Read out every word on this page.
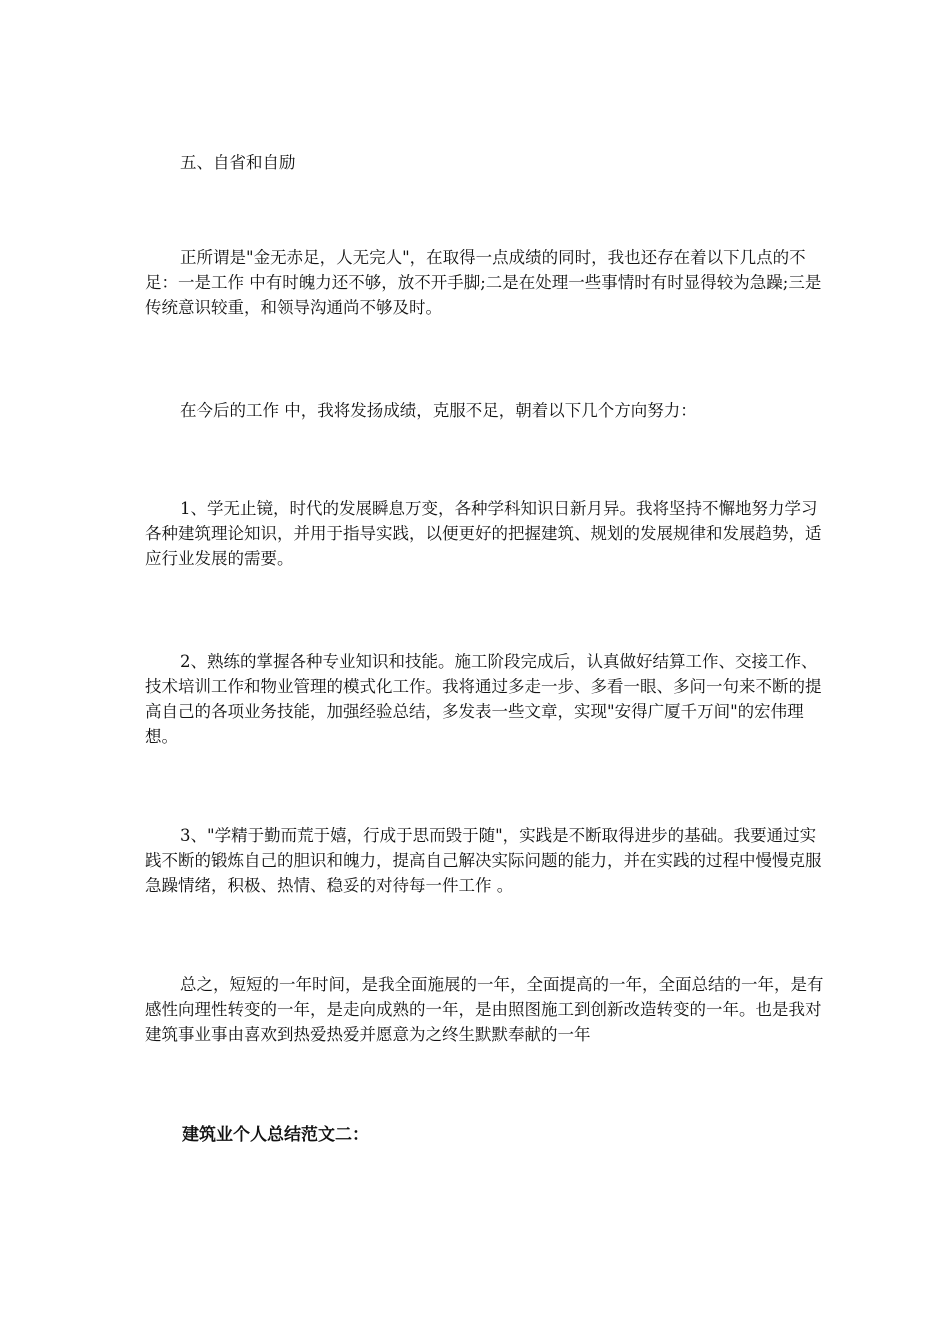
五、自省和自励

正所谓是"金无赤足，人无完人"，在取得一点成绩的同时，我也还存在着以下几点的不足：一是工作 中有时魄力还不够，放不开手脚;二是在处理一些事情时有时显得较为急躁;三是传统意识较重，和领导沟通尚不够及时。

在今后的工作 中，我将发扬成绩，克服不足，朝着以下几个方向努力：

1、学无止镜，时代的发展瞬息万变，各种学科知识日新月异。我将坚持不懈地努力学习各种建筑理论知识，并用于指导实践，以便更好的把握建筑、规划的发展规律和发展趋势，适应行业发展的需要。

2、熟练的掌握各种专业知识和技能。施工阶段完成后，认真做好结算工作、交接工作、技术培训工作和物业管理的模式化工作。我将通过多走一步、多看一眼、多问一句来不断的提高自己的各项业务技能，加强经验总结，多发表一些文章，实现"安得广厦千万间"的宏伟理想。

3、"学精于勤而荒于嬉，行成于思而毁于随"，实践是不断取得进步的基础。我要通过实践不断的锻炼自己的胆识和魄力，提高自己解决实际问题的能力，并在实践的过程中慢慢克服急躁情绪，积极、热情、稳妥的对待每一件工作 。

总之，短短的一年时间，是我全面施展的一年，全面提高的一年，全面总结的一年，是有感性向理性转变的一年，是走向成熟的一年，是由照图施工到创新改造转变的一年。也是我对建筑事业事由喜欢到热爱热爱并愿意为之终生默默奉献的一年

建筑业个人总结范文二：
